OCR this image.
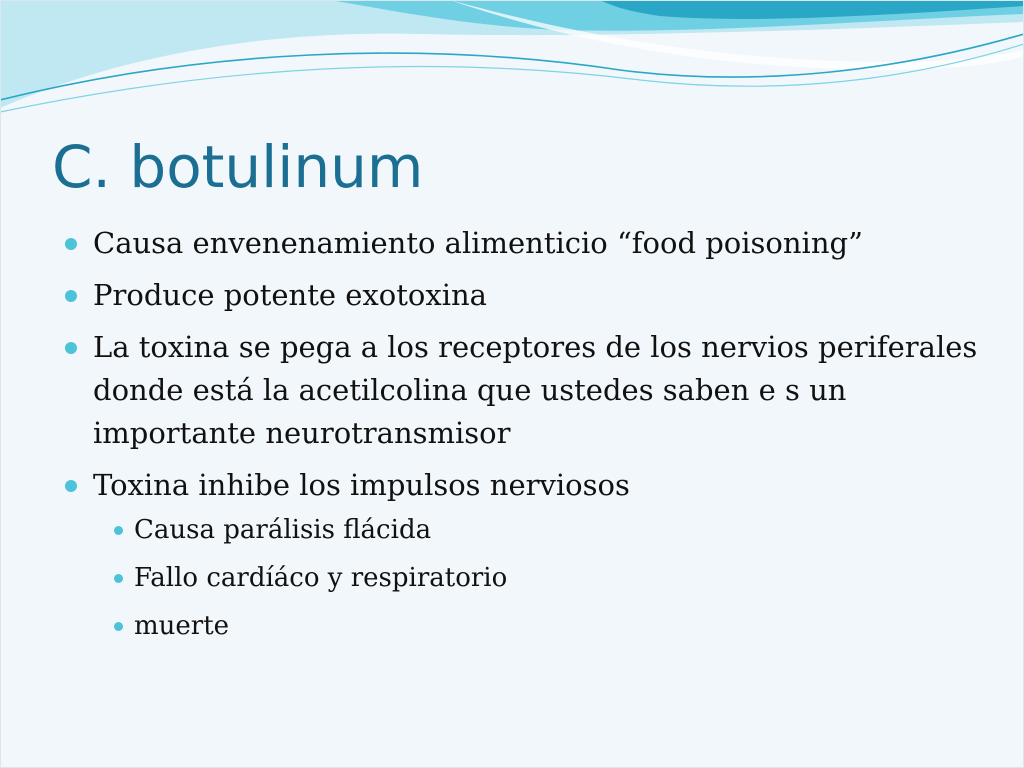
C. botulinum
Causa envenenamiento alimenticio “food poisoning”
Produce potente exotoxina
La toxina se pega a los receptores de los nervios periferales donde está la acetilcolina que ustedes saben e s un importante neurotransmisor
Toxina inhibe los impulsos nerviosos
Causa parálisis flácida
Fallo cardíáco y respiratorio
muerte
